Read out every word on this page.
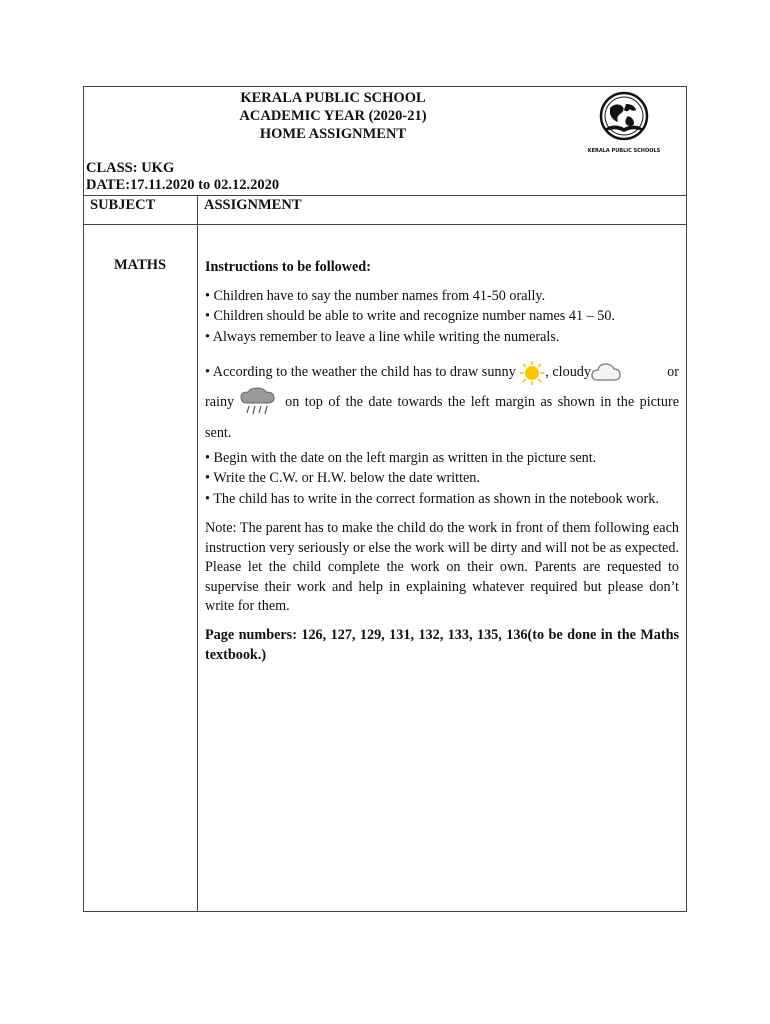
KERALA PUBLIC SCHOOL
ACADEMIC YEAR (2020-21)
HOME ASSIGNMENT	· · · ·
KERALA PUBLIC SCHOOLS
CLASS: UKG
DATE:17.11.2020 to 02.12.2020
SUBJECT	ASSIGNMENT
MATHS	Instructions to be followed:

• Children have to say the number names from 41-50 orally.

• Children should be able to write and recognize number names 41 – 50.

• Always remember to leave a line while writing the numerals.

• According to the weather the child has to draw sunny , cloudy	or

rainy	on top of the date towards the left margin as shown in the picture sent.

• Begin with the date on the left margin as written in the picture sent.

• Write the C.W. or H.W. below the date written.

• The child has to write in the correct formation as shown in the notebook work.

Note: The parent has to make the child do the work in front of them following each instruction very seriously or else the work will be dirty and will not be as expected. Please let the child complete the work on their own. Parents are requested to supervise their work and help in explaining whatever required but please don’t write for them.

Page numbers: 126, 127, 129, 131, 132, 133, 135, 136(to be done in the Maths textbook.)
